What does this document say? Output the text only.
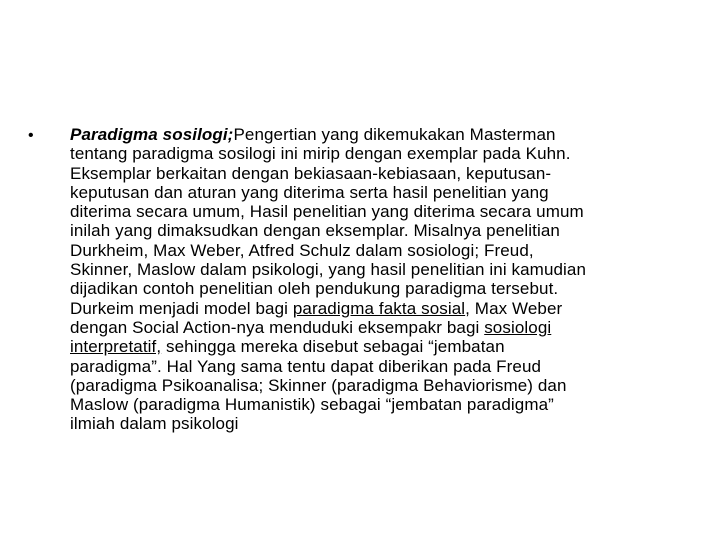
•	Paradigma sosilogi;Pengertian yang dikemukakan Masterman
tentang paradigma sosilogi ini mirip dengan exemplar pada Kuhn.
Eksemplar berkaitan dengan bekiasaan-kebiasaan, keputusan-
keputusan dan aturan yang diterima serta hasil penelitian yang
diterima secara umum, Hasil penelitian yang diterima secara umum
inilah yang dimaksudkan dengan eksemplar. Misalnya penelitian
Durkheim, Max Weber, Atfred Schulz dalam sosiologi; Freud,
Skinner, Maslow dalam psikologi, yang hasil penelitian ini kamudian
dijadikan contoh penelitian oleh pendukung paradigma tersebut.
Durkeim menjadi model bagi paradigma fakta sosial, Max Weber
dengan Social Action-nya menduduki eksempakr bagi sosiologi
interpretatif, sehingga mereka disebut sebagai “jembatan
paradigma”. Hal Yang sama tentu dapat diberikan pada Freud
(paradigma Psikoanalisa; Skinner (paradigma Behaviorisme) dan
Maslow (paradigma Humanistik) sebagai “jembatan paradigma”
ilmiah dalam psikologi
